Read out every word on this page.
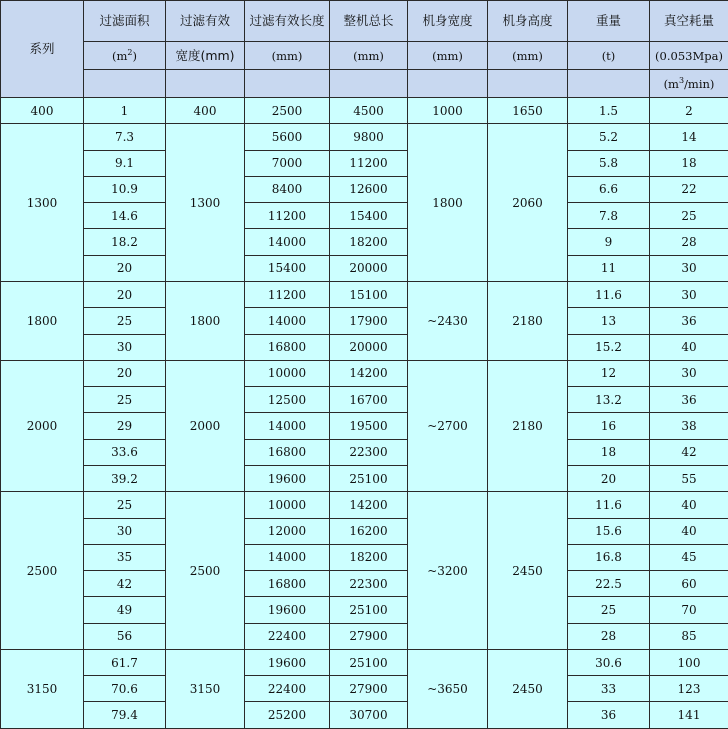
系列	过滤面积	过滤有效	过滤有效长度	整机总长	机身宽度	机身高度	重量	真空耗量
	$(m^2)$	宽度(mm)	(mm)	(mm)	(mm)	(mm)	(t)	(0.053Mpa)
								$(m^3/\min)$
400	1	400	2500	4500	1000	1650	1.5	2
1300	7.3	1300	5600	9800	1800	2060	5.2	14
	9.1		7000	11200			5.8	18
	10.9		8400	12600			6.6	22
	14.6		11200	15400			7.8	25
	18.2		14000	18200			9	28
	20		15400	20000			11	30
1800	20	1800	11200	15100	~2430	2180	11.6	30
	25		14000	17900			13	36
	30		16800	20000			15.2	40
2000	20	2000	10000	14200	~2700	2180	12	30
	25		12500	16700			13.2	36
	29		14000	19500			16	38
	33.6		16800	22300			18	42
	39.2		19600	25100			20	55
2500	25	2500	10000	14200	~3200	2450	11.6	40
	30		12000	16200			15.6	40
	35		14000	18200			16.8	45
	42		16800	22300			22.5	60
	49		19600	25100			25	70
	56		22400	27900			28	85
3150	61.7	3150	19600	25100	~3650	2450	30.6	100
	70.6		22400	27900			33	123
	79.4		25200	30700			36	141
